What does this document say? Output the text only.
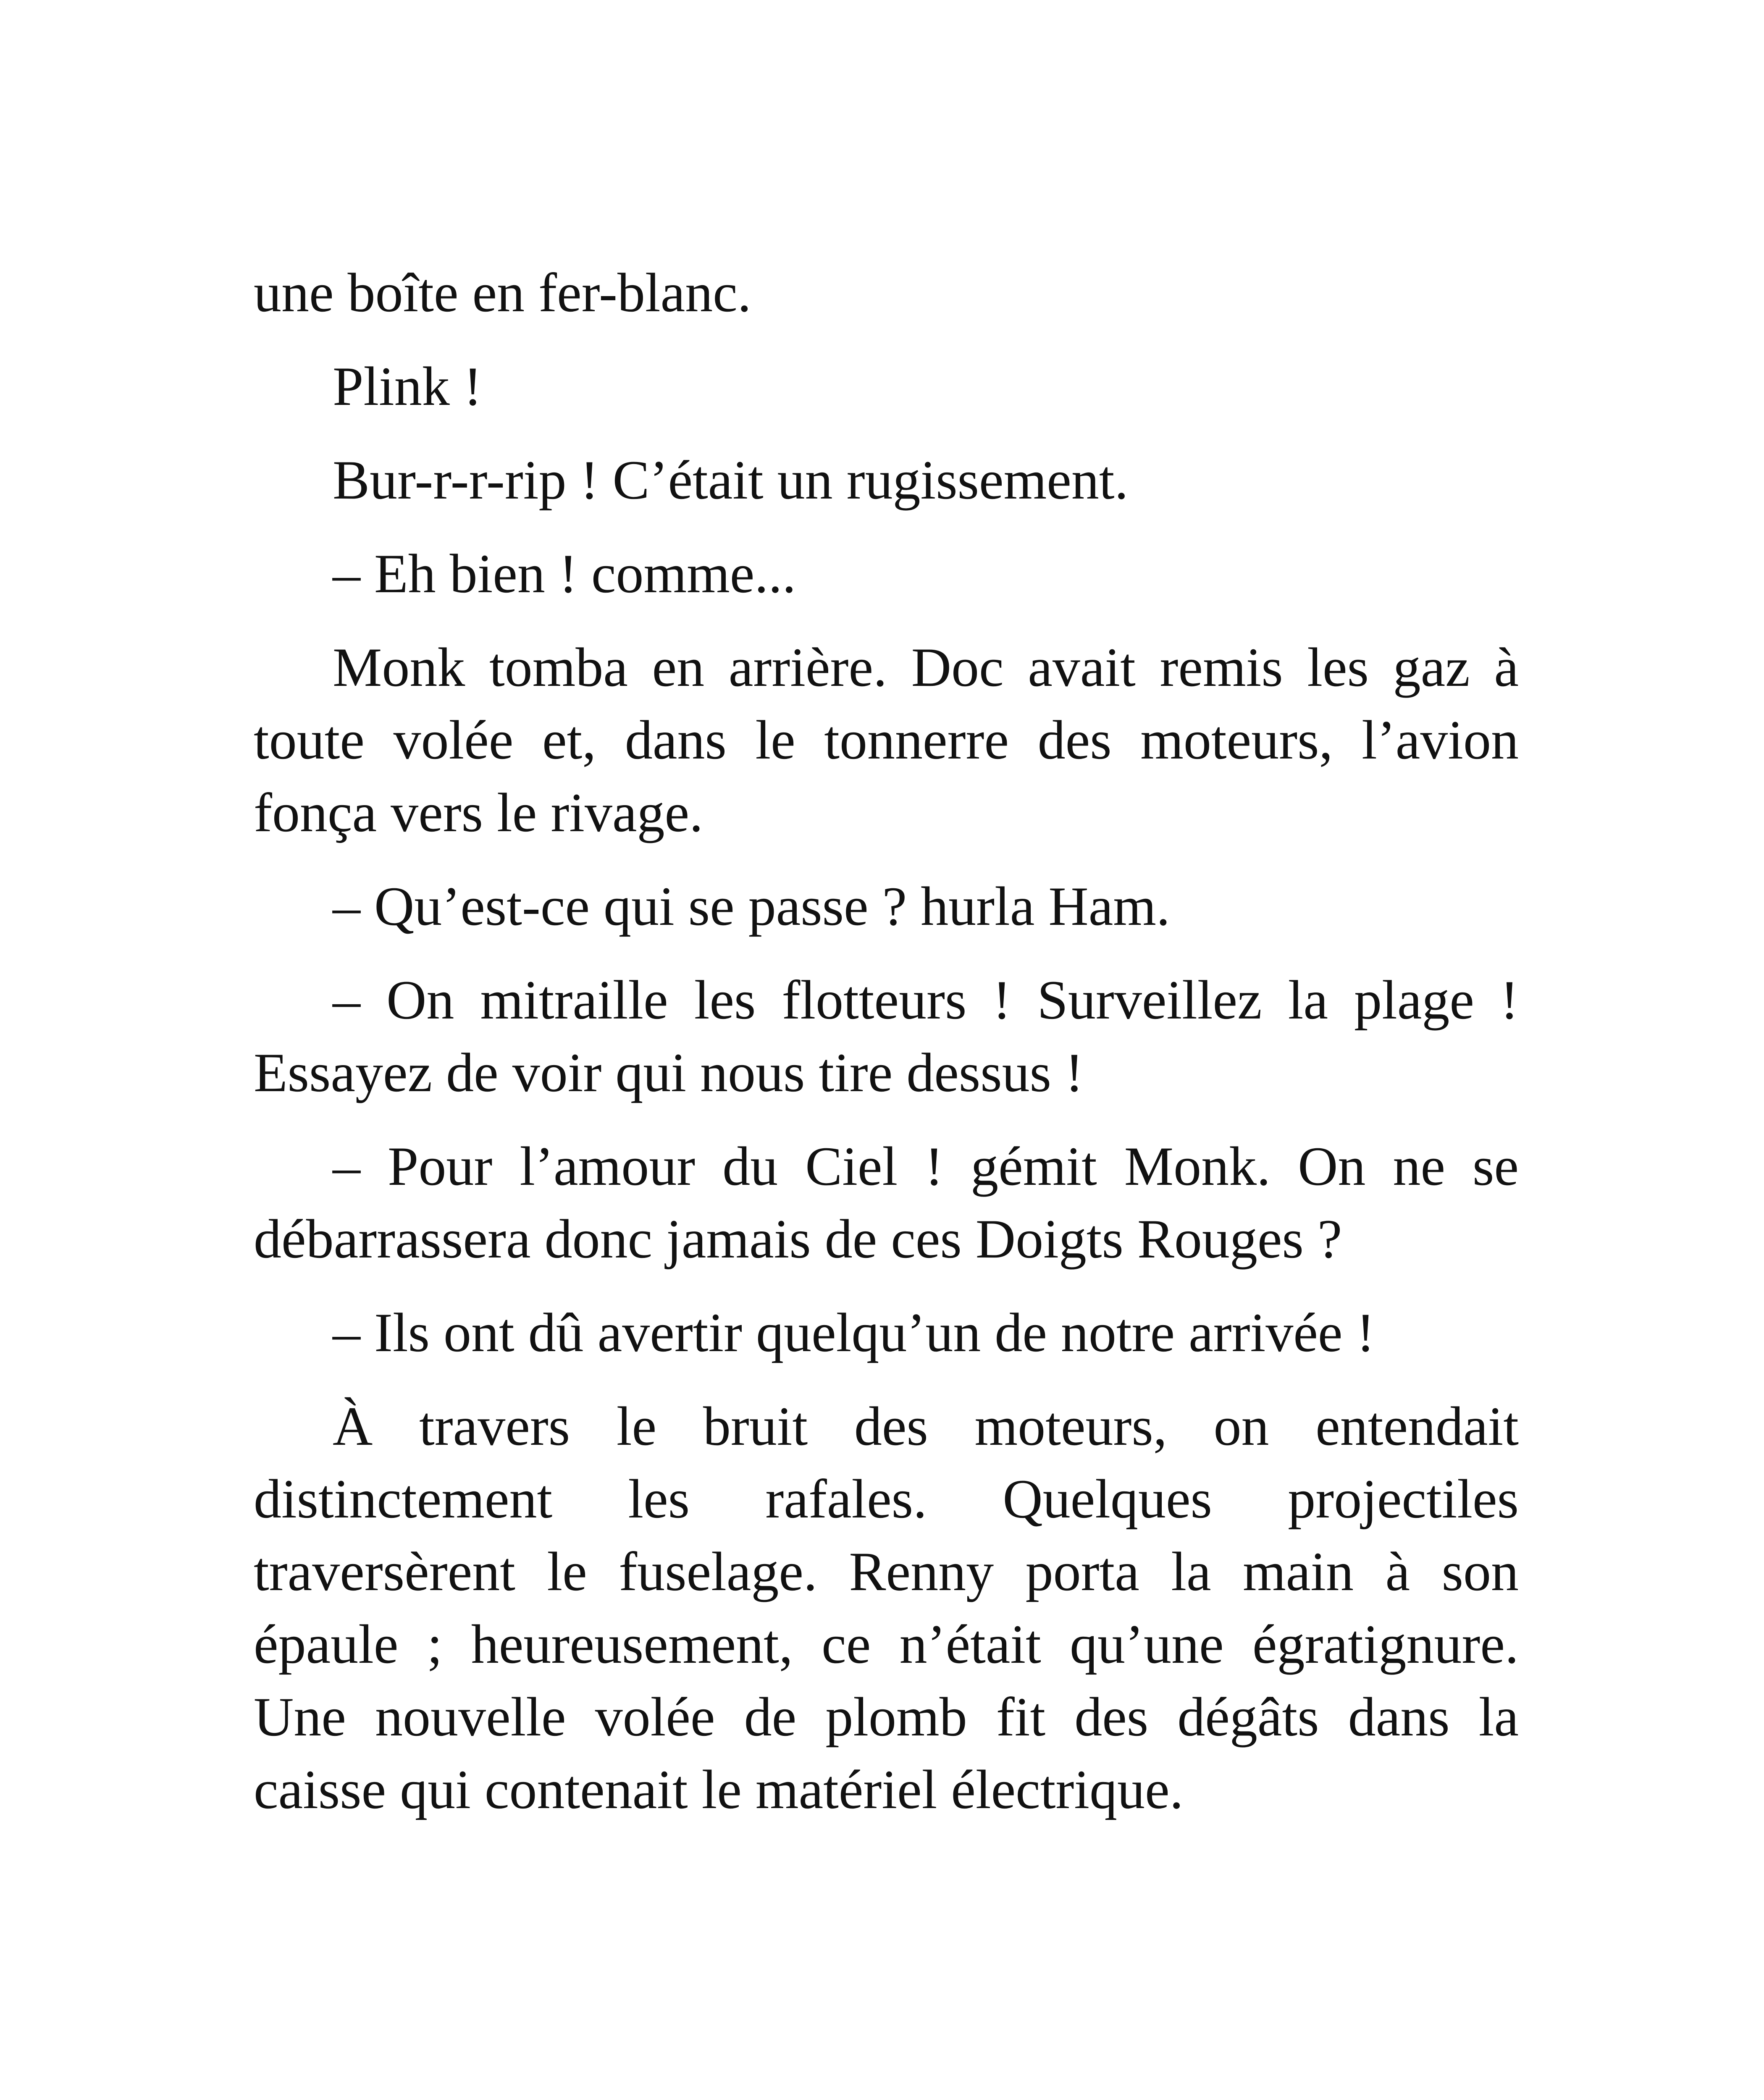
une boîte en fer-blanc.

Plink !

Bur-r-r-rip ! C’était un rugissement.

– Eh bien ! comme...

Monk tomba en arrière. Doc avait remis les gaz à toute volée et, dans le tonnerre des moteurs, l’avion fonça vers le rivage.

– Qu’est-ce qui se passe ? hurla Ham.

– On mitraille les flotteurs ! Surveillez la plage ! Essayez de voir qui nous tire dessus !

– Pour l’amour du Ciel ! gémit Monk. On ne se débarrassera donc jamais de ces Doigts Rouges ?

– Ils ont dû avertir quelqu’un de notre arrivée !

À travers le bruit des moteurs, on entendait distinctement les rafales. Quelques projectiles traversèrent le fuselage. Renny porta la main à son épaule ; heureusement, ce n’était qu’une égratignure. Une nouvelle volée de plomb fit des dégâts dans la caisse qui contenait le matériel électrique.
